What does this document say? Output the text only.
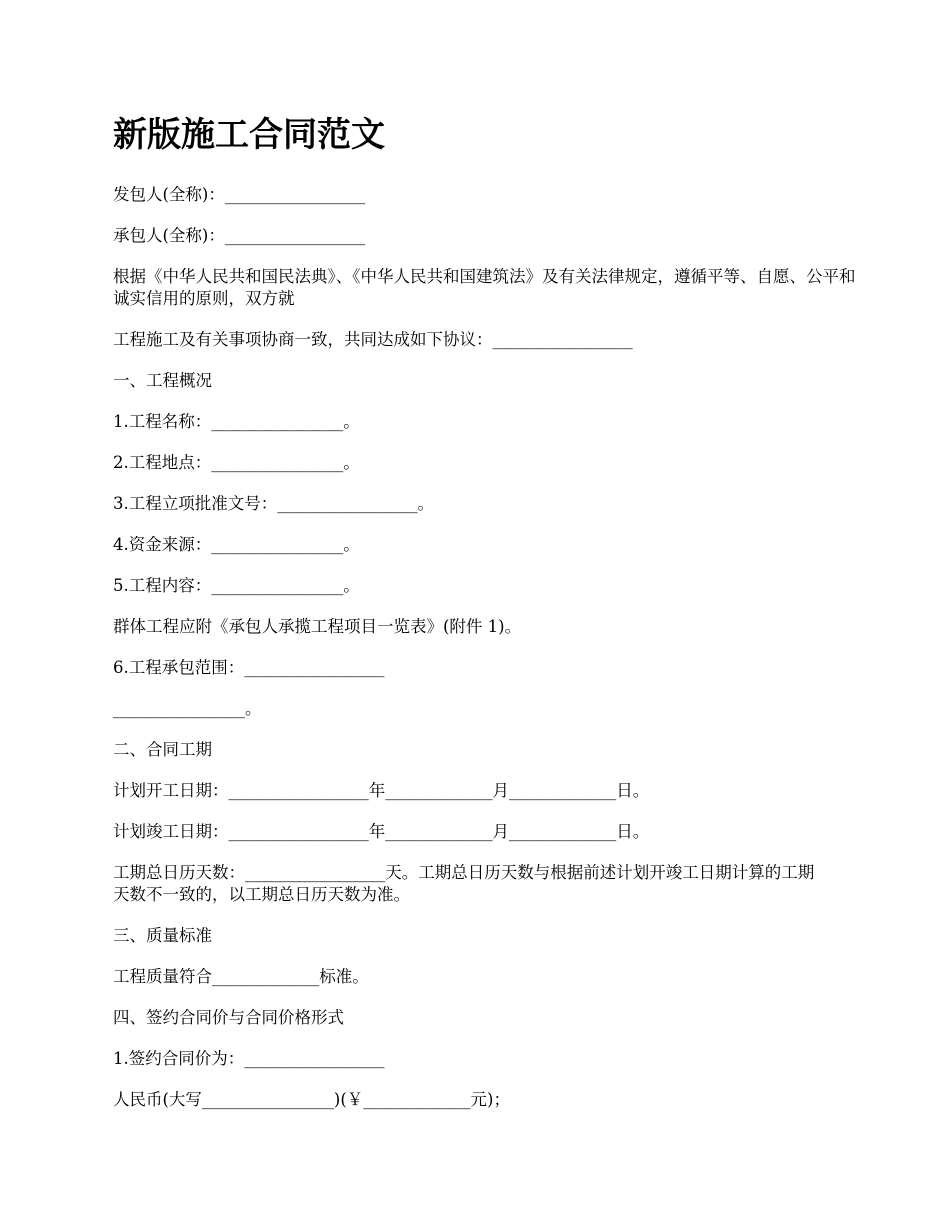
新版施工合同范文

发包人(全称)：_________________

承包人(全称)：_________________

根据《中华人民共和国民法典》、《中华人民共和国建筑法》及有关法律规定，遵循平等、自愿、公平和诚实信用的原则，双方就

工程施工及有关事项协商一致，共同达成如下协议：_________________

一、工程概况

1.工程名称：________________。

2.工程地点：________________。

3.工程立项批准文号：_________________。

4.资金来源：________________。

5.工程内容：________________。

群体工程应附《承包人承揽工程项目一览表》(附件 1)。

6.工程承包范围：_________________

________________。

二、合同工期

计划开工日期：_________________年_____________月_____________日。

计划竣工日期：_________________年_____________月_____________日。

工期总日历天数：_________________天。工期总日历天数与根据前述计划开竣工日期计算的工期天数不一致的，以工期总日历天数为准。

三、质量标准

工程质量符合_____________标准。

四、签约合同价与合同价格形式

1.签约合同价为：_________________

人民币(大写________________)(￥_____________元)；
